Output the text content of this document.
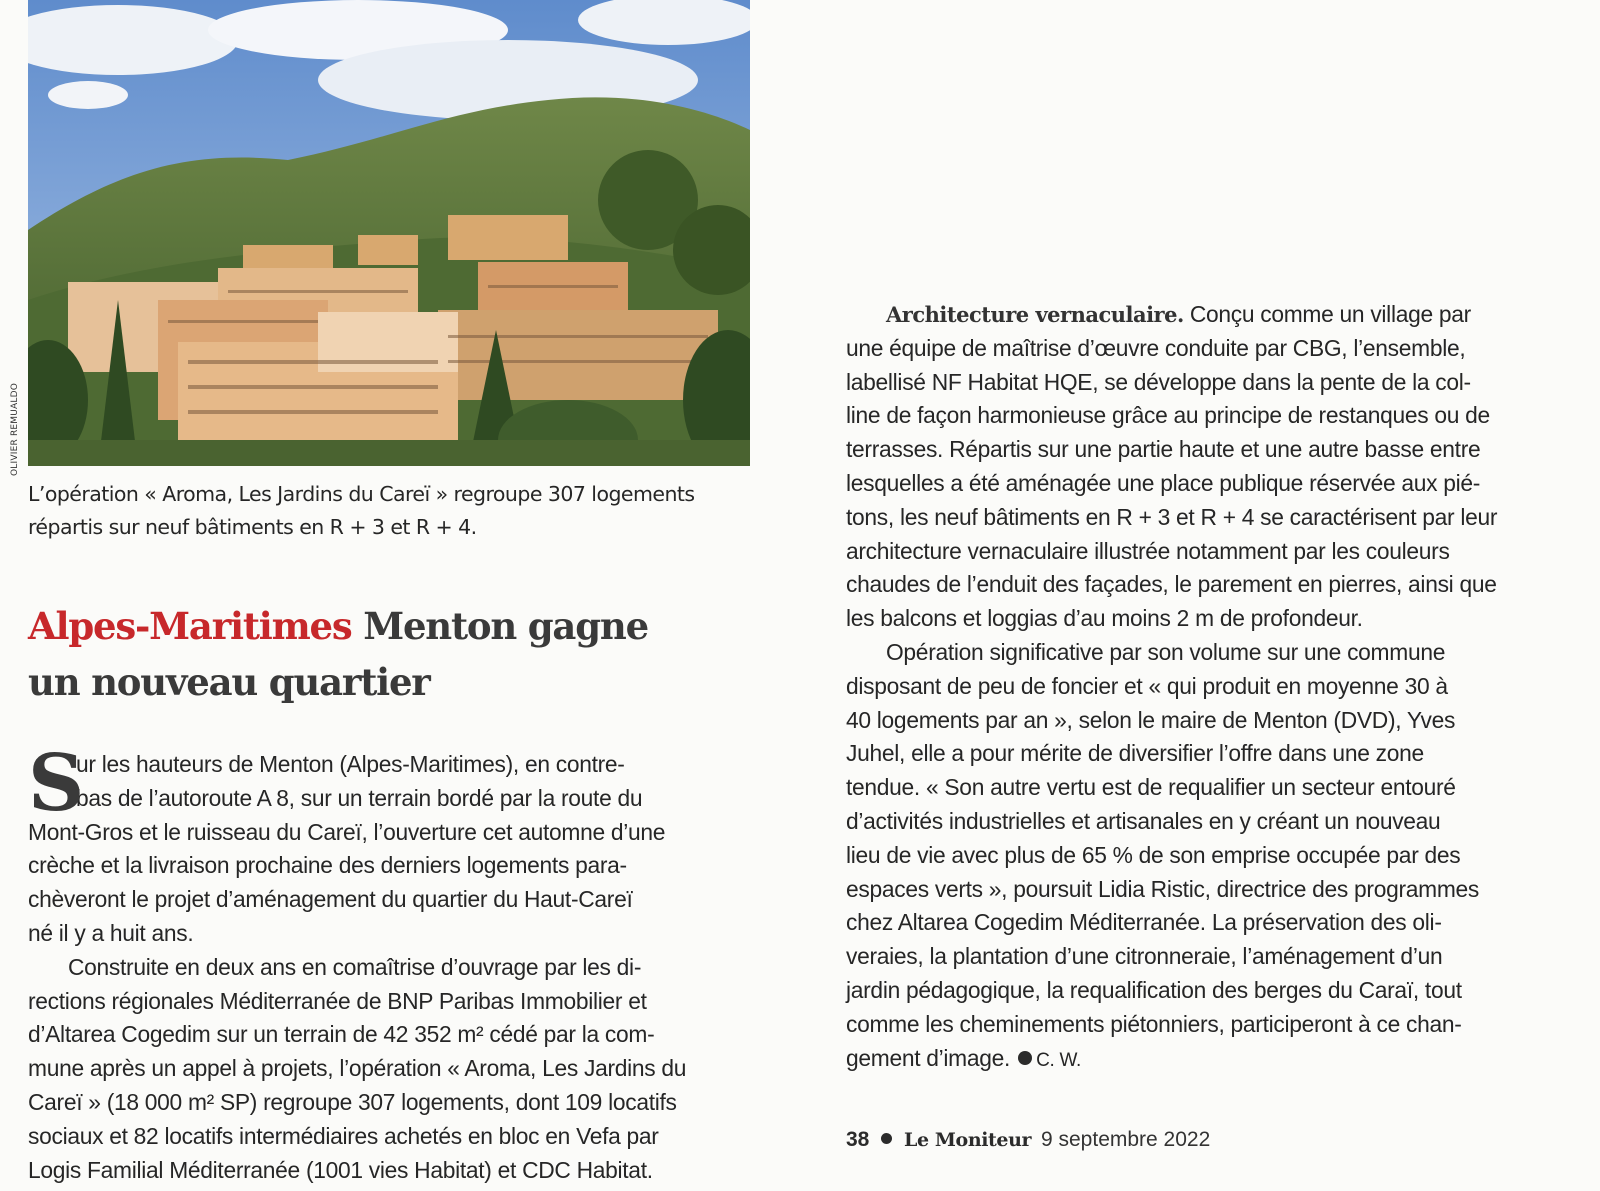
OLIVIER REMUALDO
L’opération « Aroma, Les Jardins du Careï » regroupe 307 logements
répartis sur neuf bâtiments en R + 3 et R + 4.
Alpes-Maritimes Menton gagne
un nouveau quartier
S
ur les hauteurs de Menton (Alpes-Maritimes), en contre-
bas de l’autoroute A 8, sur un terrain bordé par la route du
Mont-Gros et le ruisseau du Careï, l’ouverture cet automne d’une
crèche et la livraison prochaine des derniers logements para-
chèveront le projet d’aménagement du quartier du Haut-Careï
né il y a huit ans.
Construite en deux ans en comaîtrise d’ouvrage par les di-
rections régionales Méditerranée de BNP Paribas Immobilier et
d’Altarea Cogedim sur un terrain de 42 352 m² cédé par la com-
mune après un appel à projets, l’opération « Aroma, Les Jardins du
Careï » (18 000 m² SP) regroupe 307 logements, dont 109 locatifs
sociaux et 82 locatifs intermédiaires achetés en bloc en Vefa par
Logis Familial Méditerranée (1001 vies Habitat) et CDC Habitat.
Architecture vernaculaire. Conçu comme un village par
une équipe de maîtrise d’œuvre conduite par CBG, l’ensemble,
labellisé NF Habitat HQE, se développe dans la pente de la col-
line de façon harmonieuse grâce au principe de restanques ou de
terrasses. Répartis sur une partie haute et une autre basse entre
lesquelles a été aménagée une place publique réservée aux pié-
tons, les neuf bâtiments en R + 3 et R + 4 se caractérisent par leur
architecture vernaculaire illustrée notamment par les couleurs
chaudes de l’enduit des façades, le parement en pierres, ainsi que
les balcons et loggias d’au moins 2 m de profondeur.
Opération significative par son volume sur une commune
disposant de peu de foncier et « qui produit en moyenne 30 à
40 logements par an », selon le maire de Menton (DVD), Yves
Juhel, elle a pour mérite de diversifier l’offre dans une zone
tendue. « Son autre vertu est de requalifier un secteur entouré
d’activités industrielles et artisanales en y créant un nouveau
lieu de vie avec plus de 65 % de son emprise occupée par des
espaces verts », poursuit Lidia Ristic, directrice des programmes
chez Altarea Cogedim Méditerranée. La préservation des oli-
veraies, la plantation d’une citronneraie, l’aménagement d’un
jardin pédagogique, la requalification des berges du Caraï, tout
comme les cheminements piétonniers, participeront à ce chan-
gement d’image. C. W.
38 Le Moniteur 9 septembre 2022
